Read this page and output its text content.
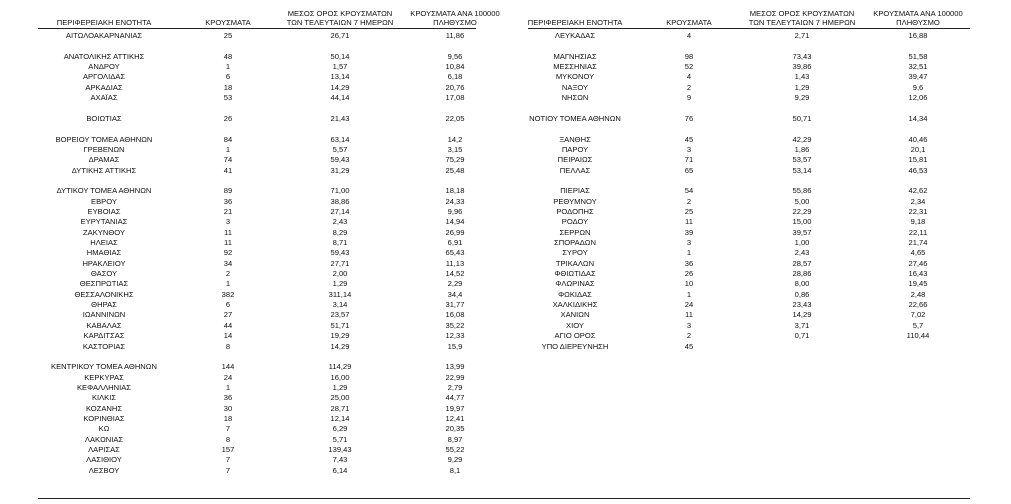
ΠΕΡΙΦΕΡΕΙΑΚΗ ΕΝΟΤΗΤΑ	ΚΡΟΥΣΜΑΤΑ
ΜΕΣΟΣ ΟΡΟΣ ΚΡΟΥΣΜΑΤΩΝ
ΤΩΝ ΤΕΛΕΥΤΑΙΩΝ 7 ΗΜΕΡΩΝ
ΚΡΟΥΣΜΑΤΑ ΑΝΑ 100000
ΠΛΗΘΥΣΜΟ
ΑΙΤΩΛΟΑΚΑΡΝΑΝΙΑΣ	25	26,71	11,86
ΑΝΑΤΟΛΙΚΗΣ ΑΤΤΙΚΗΣ	48	50,14	9,56
ΑΝΔΡΟΥ	1	1,57	10,84
ΑΡΓΟΛΙΔΑΣ	6	13,14	6,18
ΑΡΚΑΔΙΑΣ	18	14,29	20,76
ΑΧΑΪΑΣ	53	44,14	17,08
ΒΟΙΩΤΙΑΣ	26	21,43	22,05
ΒΟΡΕΙΟΥ ΤΟΜΕΑ ΑΘΗΝΩΝ	84	63,14	14,2
ΓΡΕΒΕΝΩΝ	1	5,57	3,15
ΔΡΑΜΑΣ	74	59,43	75,29
ΔΥΤΙΚΗΣ ΑΤΤΙΚΗΣ	41	31,29	25,48
ΔΥΤΙΚΟΥ ΤΟΜΕΑ ΑΘΗΝΩΝ	89	71,00	18,18
ΕΒΡΟΥ	36	38,86	24,33
ΕΥΒΟΙΑΣ	21	27,14	9,96
ΕΥΡΥΤΑΝΙΑΣ	3	2,43	14,94
ΖΑΚΥΝΘΟΥ	11	8,29	26,99
ΗΛΕΙΑΣ	11	8,71	6,91
ΗΜΑΘΙΑΣ	92	59,43	65,43
ΗΡΑΚΛΕΙΟΥ	34	27,71	11,13
ΘΑΣΟΥ	2	2,00	14,52
ΘΕΣΠΡΩΤΙΑΣ	1	1,29	2,29
ΘΕΣΣΑΛΟΝΙΚΗΣ	382	311,14	34,4
ΘΗΡΑΣ	6	3,14	31,77
ΙΩΑΝΝΙΝΩΝ	27	23,57	16,08
ΚΑΒΑΛΑΣ	44	51,71	35,22
ΚΑΡΔΙΤΣΑΣ	14	19,29	12,33
ΚΑΣΤΟΡΙΑΣ	8	14,29	15,9
ΚΕΝΤΡΙΚΟΥ ΤΟΜΕΑ ΑΘΗΝΩΝ	144	114,29	13,99
ΚΕΡΚΥΡΑΣ	24	16,00	22,99
ΚΕΦΑΛΛΗΝΙΑΣ	1	1,29	2,79
ΚΙΛΚΙΣ	36	25,00	44,77
ΚΟΖΑΝΗΣ	30	28,71	19,97
ΚΟΡΙΝΘΙΑΣ	18	12,14	12,41
ΚΩ	7	6,29	20,35
ΛΑΚΩΝΙΑΣ	8	5,71	8,97
ΛΑΡΙΣΑΣ	157	139,43	55,22
ΛΑΣΙΘΙΟΥ	7	7,43	9,29
ΛΕΣΒΟΥ	7	6,14	8,1
ΠΕΡΙΦΕΡΕΙΑΚΗ ΕΝΟΤΗΤΑ	ΚΡΟΥΣΜΑΤΑ
ΜΕΣΟΣ ΟΡΟΣ ΚΡΟΥΣΜΑΤΩΝ
ΤΩΝ ΤΕΛΕΥΤΑΙΩΝ 7 ΗΜΕΡΩΝ
ΚΡΟΥΣΜΑΤΑ ΑΝΑ 100000
ΠΛΗΘΥΣΜΟ
ΛΕΥΚΑΔΑΣ	4	2,71	16,88
ΜΑΓΝΗΣΙΑΣ	98	73,43	51,58
ΜΕΣΣΗΝΙΑΣ	52	39,86	32,51
ΜΥΚΟΝΟΥ	4	1,43	39,47
ΝΑΞΟΥ	2	1,29	9,6
ΝΗΣΩΝ	9	9,29	12,06
ΝΟΤΙΟΥ ΤΟΜΕΑ ΑΘΗΝΩΝ	76	50,71	14,34
ΞΑΝΘΗΣ	45	42,29	40,46
ΠΑΡΟΥ	3	1,86	20,1
ΠΕΙΡΑΙΩΣ	71	53,57	15,81
ΠΕΛΛΑΣ	65	53,14	46,53
ΠΙΕΡΙΑΣ	54	55,86	42,62
ΡΕΘΥΜΝΟΥ	2	5,00	2,34
ΡΟΔΟΠΗΣ	25	22,29	22,31
ΡΟΔΟΥ	11	15,00	9,18
ΣΕΡΡΩΝ	39	39,57	22,11
ΣΠΟΡΑΔΩΝ	3	1,00	21,74
ΣΥΡΟΥ	1	2,43	4,65
ΤΡΙΚΑΛΩΝ	36	28,57	27,46
ΦΘΙΩΤΙΔΑΣ	26	28,86	16,43
ΦΛΩΡΙΝΑΣ	10	8,00	19,45
ΦΩΚΙΔΑΣ	1	0,86	2,48
ΧΑΛΚΙΔΙΚΗΣ	24	23,43	22,66
ΧΑΝΙΩΝ	11	14,29	7,02
ΧΙΟΥ	3	3,71	5,7
ΑΓΙΟ ΟΡΟΣ	2	0,71	110,44
ΥΠΟ ΔΙΕΡΕΥΝΗΣΗ	45
